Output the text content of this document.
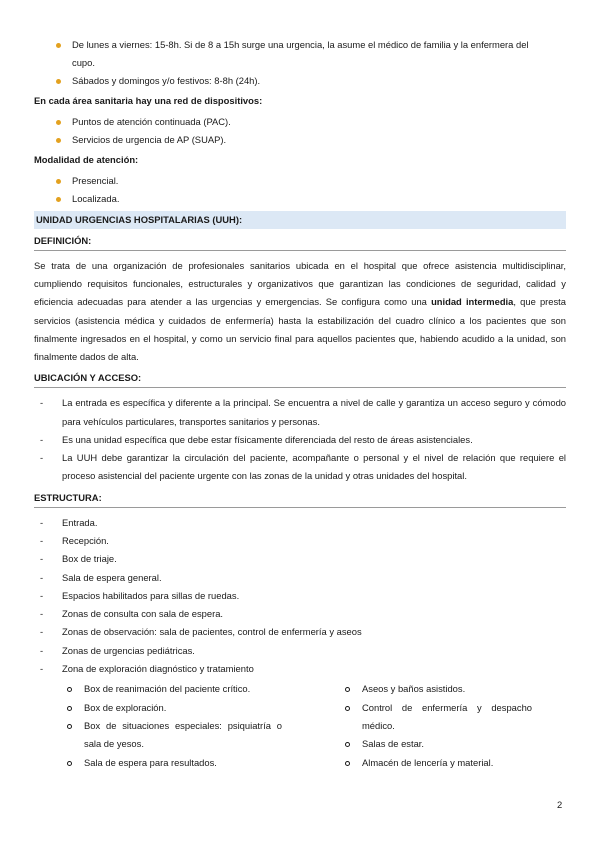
De lunes a viernes: 15-8h. Si de 8 a 15h surge una urgencia, la asume el médico de familia y la enfermera del
cupo.
Sábados y domingos y/o festivos: 8-8h (24h).
En cada área sanitaria hay una red de dispositivos:
Puntos de atención continuada (PAC).
Servicios de urgencia de AP (SUAP).
Modalidad de atención:
Presencial.
Localizada.
UNIDAD URGENCIAS HOSPITALARIAS (UUH):
DEFINICIÓN:

Se trata de una organización de profesionales sanitarios ubicada en el hospital que ofrece asistencia multidisciplinar, cumpliendo requisitos funcionales, estructurales y organizativos que garantizan las condiciones de seguridad, calidad y eficiencia adecuadas para atender a las urgencias y emergencias. Se configura como una unidad intermedia, que presta servicios (asistencia médica y cuidados de enfermería) hasta la estabilización del cuadro clínico a los pacientes que son finalmente ingresados en el hospital, y como un servicio final para aquellos pacientes que, habiendo acudido a la unidad, son finalmente dados de alta.

UBICACIÓN Y ACCESO:
- La entrada es específica y diferente a la principal. Se encuentra a nivel de calle y garantiza un acceso seguro y cómodo para vehículos particulares, transportes sanitarios y personas.
- Es una unidad específica que debe estar físicamente diferenciada del resto de áreas asistenciales.
- La UUH debe garantizar la circulación del paciente, acompañante o personal y el nivel de relación que requiere el proceso asistencial del paciente urgente con las zonas de la unidad y otras unidades del hospital.
ESTRUCTURA:
- Entrada.
- Recepción.
- Box de triaje.
- Sala de espera general.
- Espacios habilitados para sillas de ruedas.
- Zonas de consulta con sala de espera.
- Zonas de observación: sala de pacientes, control de enfermería y aseos
- Zonas de urgencias pediátricas.
- Zona de exploración diagnóstico y tratamiento
Box de reanimación del paciente crítico.
Box de exploración.
Box de situaciones especiales: psiquiatría o sala de yesos.
Sala de espera para resultados.
Aseos y baños asistidos.
Control de enfermería y despacho médico.
Salas de estar.
Almacén de lencería y material.
2
